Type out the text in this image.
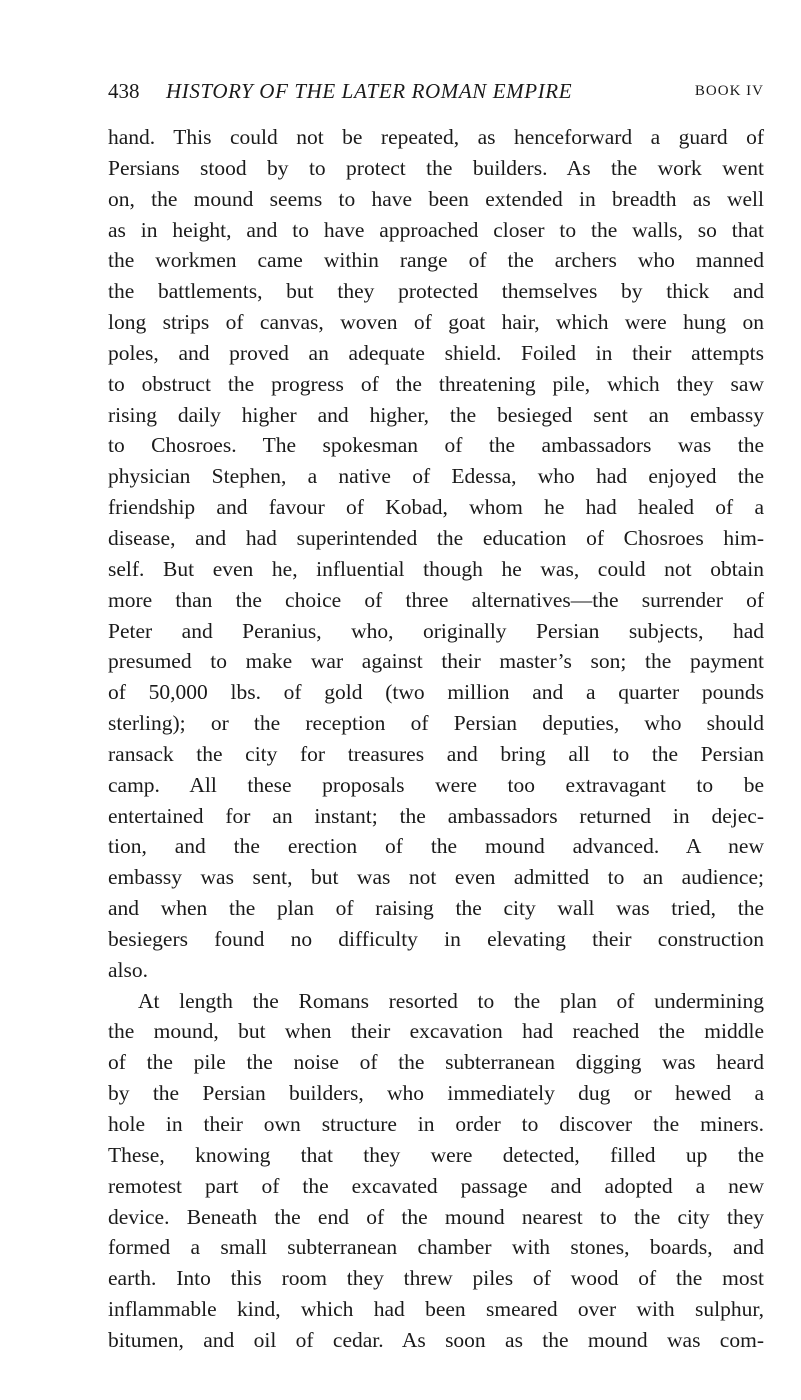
438 HISTORY OF THE LATER ROMAN EMPIRE	BOOK IV
hand. This could not be repeated, as henceforward a guard of
Persians stood by to protect the builders. As the work went
on, the mound seems to have been extended in breadth as well
as in height, and to have approached closer to the walls, so that
the workmen came within range of the archers who manned
the battlements, but they protected themselves by thick and
long strips of canvas, woven of goat hair, which were hung on
poles, and proved an adequate shield. Foiled in their attempts
to obstruct the progress of the threatening pile, which they saw
rising daily higher and higher, the besieged sent an embassy
to Chosroes. The spokesman of the ambassadors was the
physician Stephen, a native of Edessa, who had enjoyed the
friendship and favour of Kobad, whom he had healed of a
disease, and had superintended the education of Chosroes him-
self. But even he, influential though he was, could not obtain
more than the choice of three alternatives—the surrender of
Peter and Peranius, who, originally Persian subjects, had
presumed to make war against their master’s son; the payment
of 50,000 lbs. of gold (two million and a quarter pounds
sterling); or the reception of Persian deputies, who should
ransack the city for treasures and bring all to the Persian
camp. All these proposals were too extravagant to be
entertained for an instant; the ambassadors returned in dejec-
tion, and the erection of the mound advanced. A new
embassy was sent, but was not even admitted to an audience;
and when the plan of raising the city wall was tried, the
besiegers found no difficulty in elevating their construction
also.
At length the Romans resorted to the plan of undermining
the mound, but when their excavation had reached the middle
of the pile the noise of the subterranean digging was heard
by the Persian builders, who immediately dug or hewed a
hole in their own structure in order to discover the miners.
These, knowing that they were detected, filled up the
remotest part of the excavated passage and adopted a new
device. Beneath the end of the mound nearest to the city they
formed a small subterranean chamber with stones, boards, and
earth. Into this room they threw piles of wood of the most
inflammable kind, which had been smeared over with sulphur,
bitumen, and oil of cedar. As soon as the mound was com-
